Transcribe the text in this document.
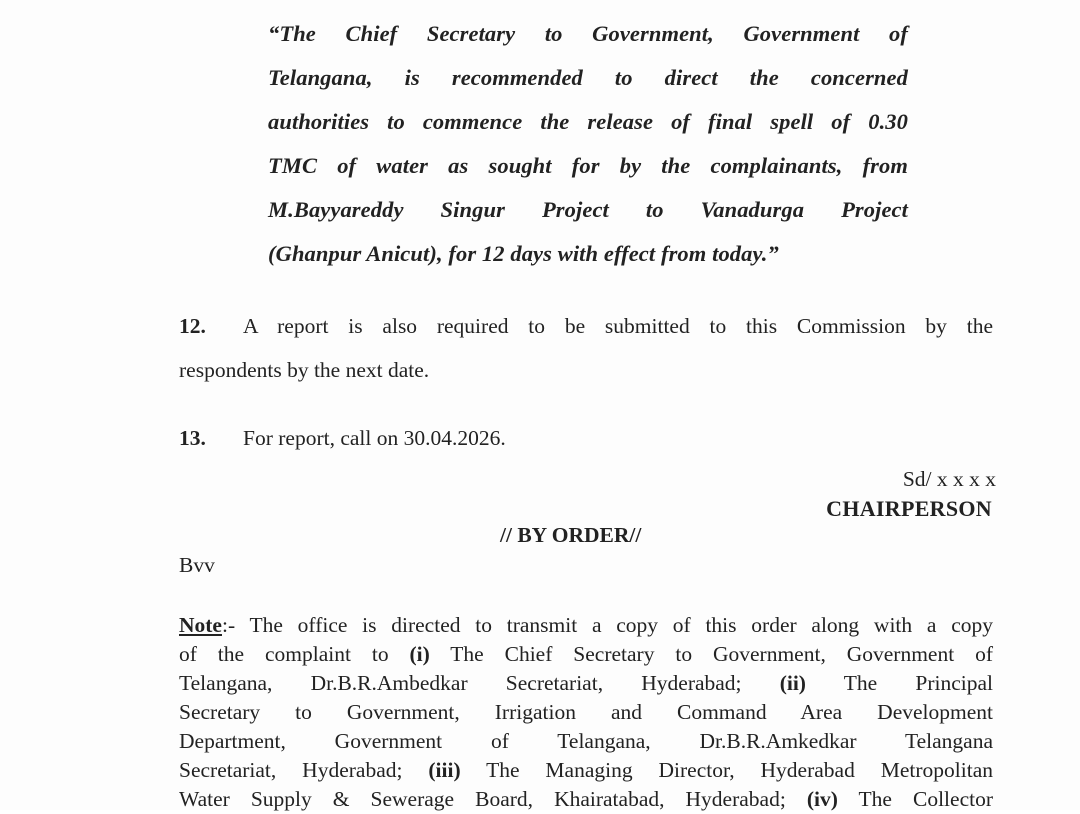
“The Chief Secretary to Government, Government of
Telangana, is recommended to direct the concerned
authorities to commence the release of final spell of 0.30
TMC of water as sought for by the complainants, from
M.Bayyareddy Singur Project to Vanadurga Project
(Ghanpur Anicut), for 12 days with effect from today.”
12. A report is also required to be submitted to this Commission by the
respondents by the next date.
13. For report, call on 30.04.2026.
Sd/ x x x x
CHAIRPERSON
// BY ORDER//
Bvv
Note:- The office is directed to transmit a copy of this order along with a copy
of the complaint to (i) The Chief Secretary to Government, Government of
Telangana, Dr.B.R.Ambedkar Secretariat, Hyderabad; (ii) The Principal
Secretary to Government, Irrigation and Command Area Development
Department, Government of Telangana, Dr.B.R.Amkedkar Telangana
Secretariat, Hyderabad; (iii) The Managing Director, Hyderabad Metropolitan
Water Supply & Sewerage Board, Khairatabad, Hyderabad; (iv) The Collector
